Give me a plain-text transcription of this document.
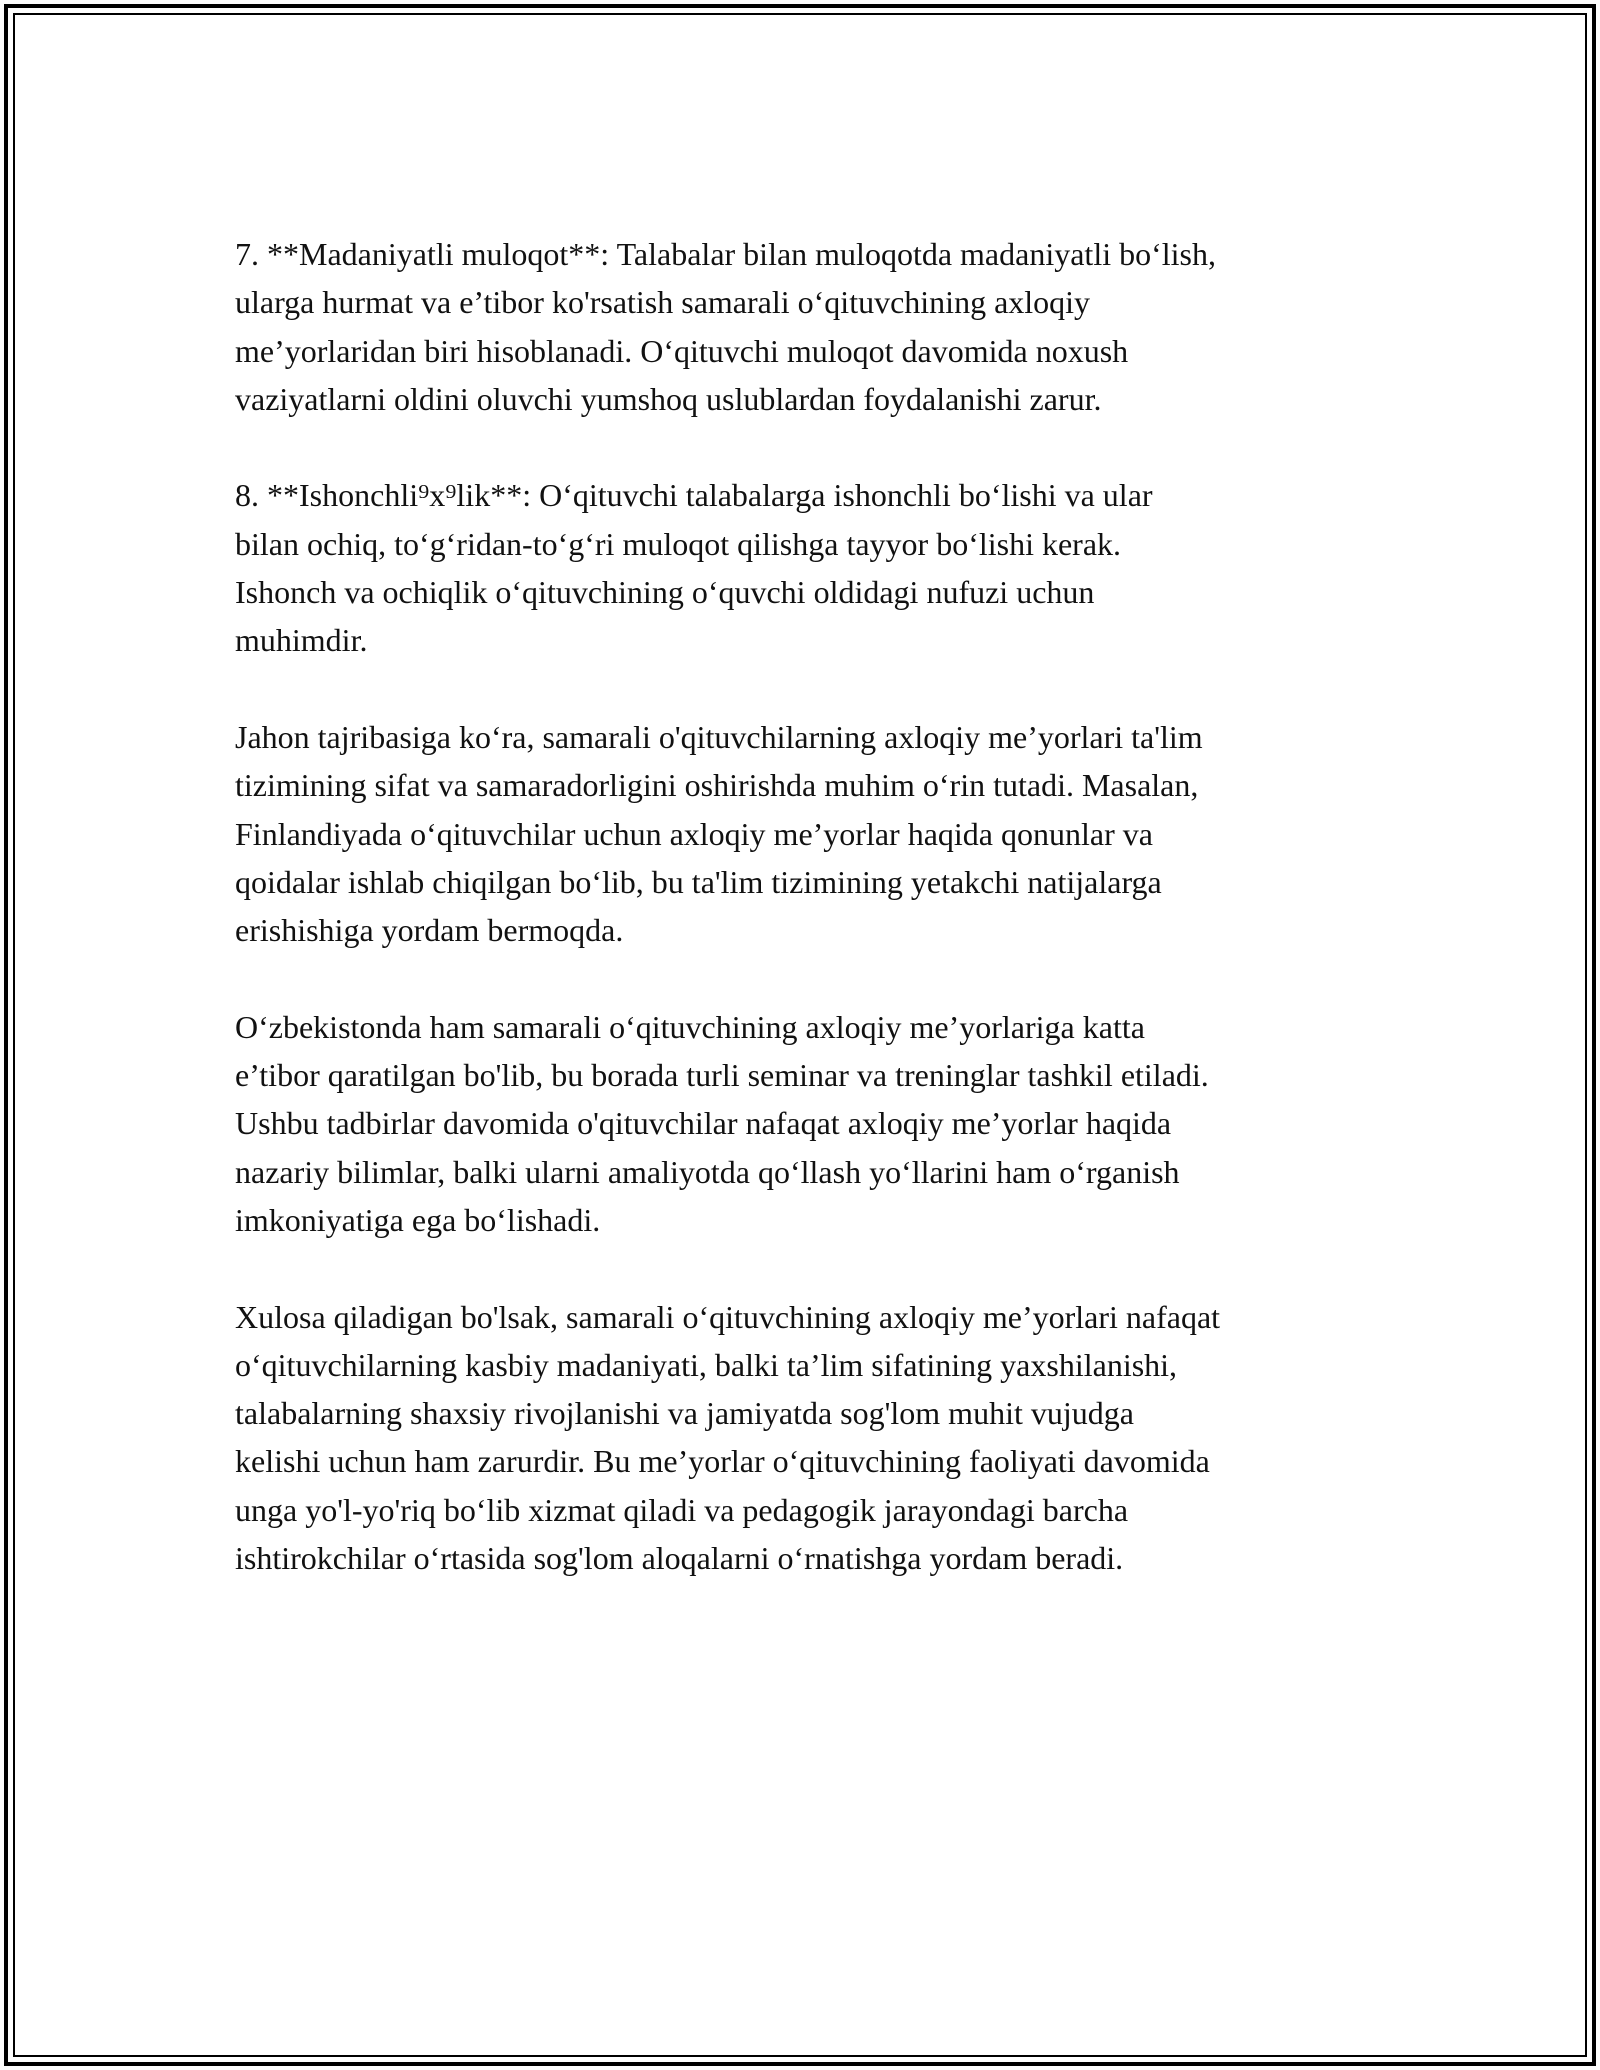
7. **Madaniyatli muloqot**: Talabalar bilan muloqotda madaniyatli bo‘lish,
ularga hurmat va e’tibor ko'rsatish samarali o‘qituvchining axloqiy
me’yorlaridan biri hisoblanadi. O‘qituvchi muloqot davomida noxush
vaziyatlarni oldini oluvchi yumshoq uslublardan foydalanishi zarur.

8. **Ishonchli⁹x⁹lik**: O‘qituvchi talabalarga ishonchli bo‘lishi va ular
bilan ochiq, to‘g‘ridan-to‘g‘ri muloqot qilishga tayyor bo‘lishi kerak.
Ishonch va ochiqlik o‘qituvchining o‘quvchi oldidagi nufuzi uchun
muhimdir.

Jahon tajribasiga ko‘ra, samarali o'qituvchilarning axloqiy me’yorlari ta'lim
tizimining sifat va samaradorligini oshirishda muhim o‘rin tutadi. Masalan,
Finlandiyada o‘qituvchilar uchun axloqiy me’yorlar haqida qonunlar va
qoidalar ishlab chiqilgan bo‘lib, bu ta'lim tizimining yetakchi natijalarga
erishishiga yordam bermoqda.

O‘zbekistonda ham samarali o‘qituvchining axloqiy me’yorlariga katta
e’tibor qaratilgan bo'lib, bu borada turli seminar va treninglar tashkil etiladi.
Ushbu tadbirlar davomida o'qituvchilar nafaqat axloqiy me’yorlar haqida
nazariy bilimlar, balki ularni amaliyotda qo‘llash yo‘llarini ham o‘rganish
imkoniyatiga ega bo‘lishadi.

Xulosa qiladigan bo'lsak, samarali o‘qituvchining axloqiy me’yorlari nafaqat
o‘qituvchilarning kasbiy madaniyati, balki ta’lim sifatining yaxshilanishi,
talabalarning shaxsiy rivojlanishi va jamiyatda sog'lom muhit vujudga
kelishi uchun ham zarurdir. Bu me’yorlar o‘qituvchining faoliyati davomida
unga yo'l-yo'riq bo‘lib xizmat qiladi va pedagogik jarayondagi barcha
ishtirokchilar o‘rtasida sog'lom aloqalarni o‘rnatishga yordam beradi.
